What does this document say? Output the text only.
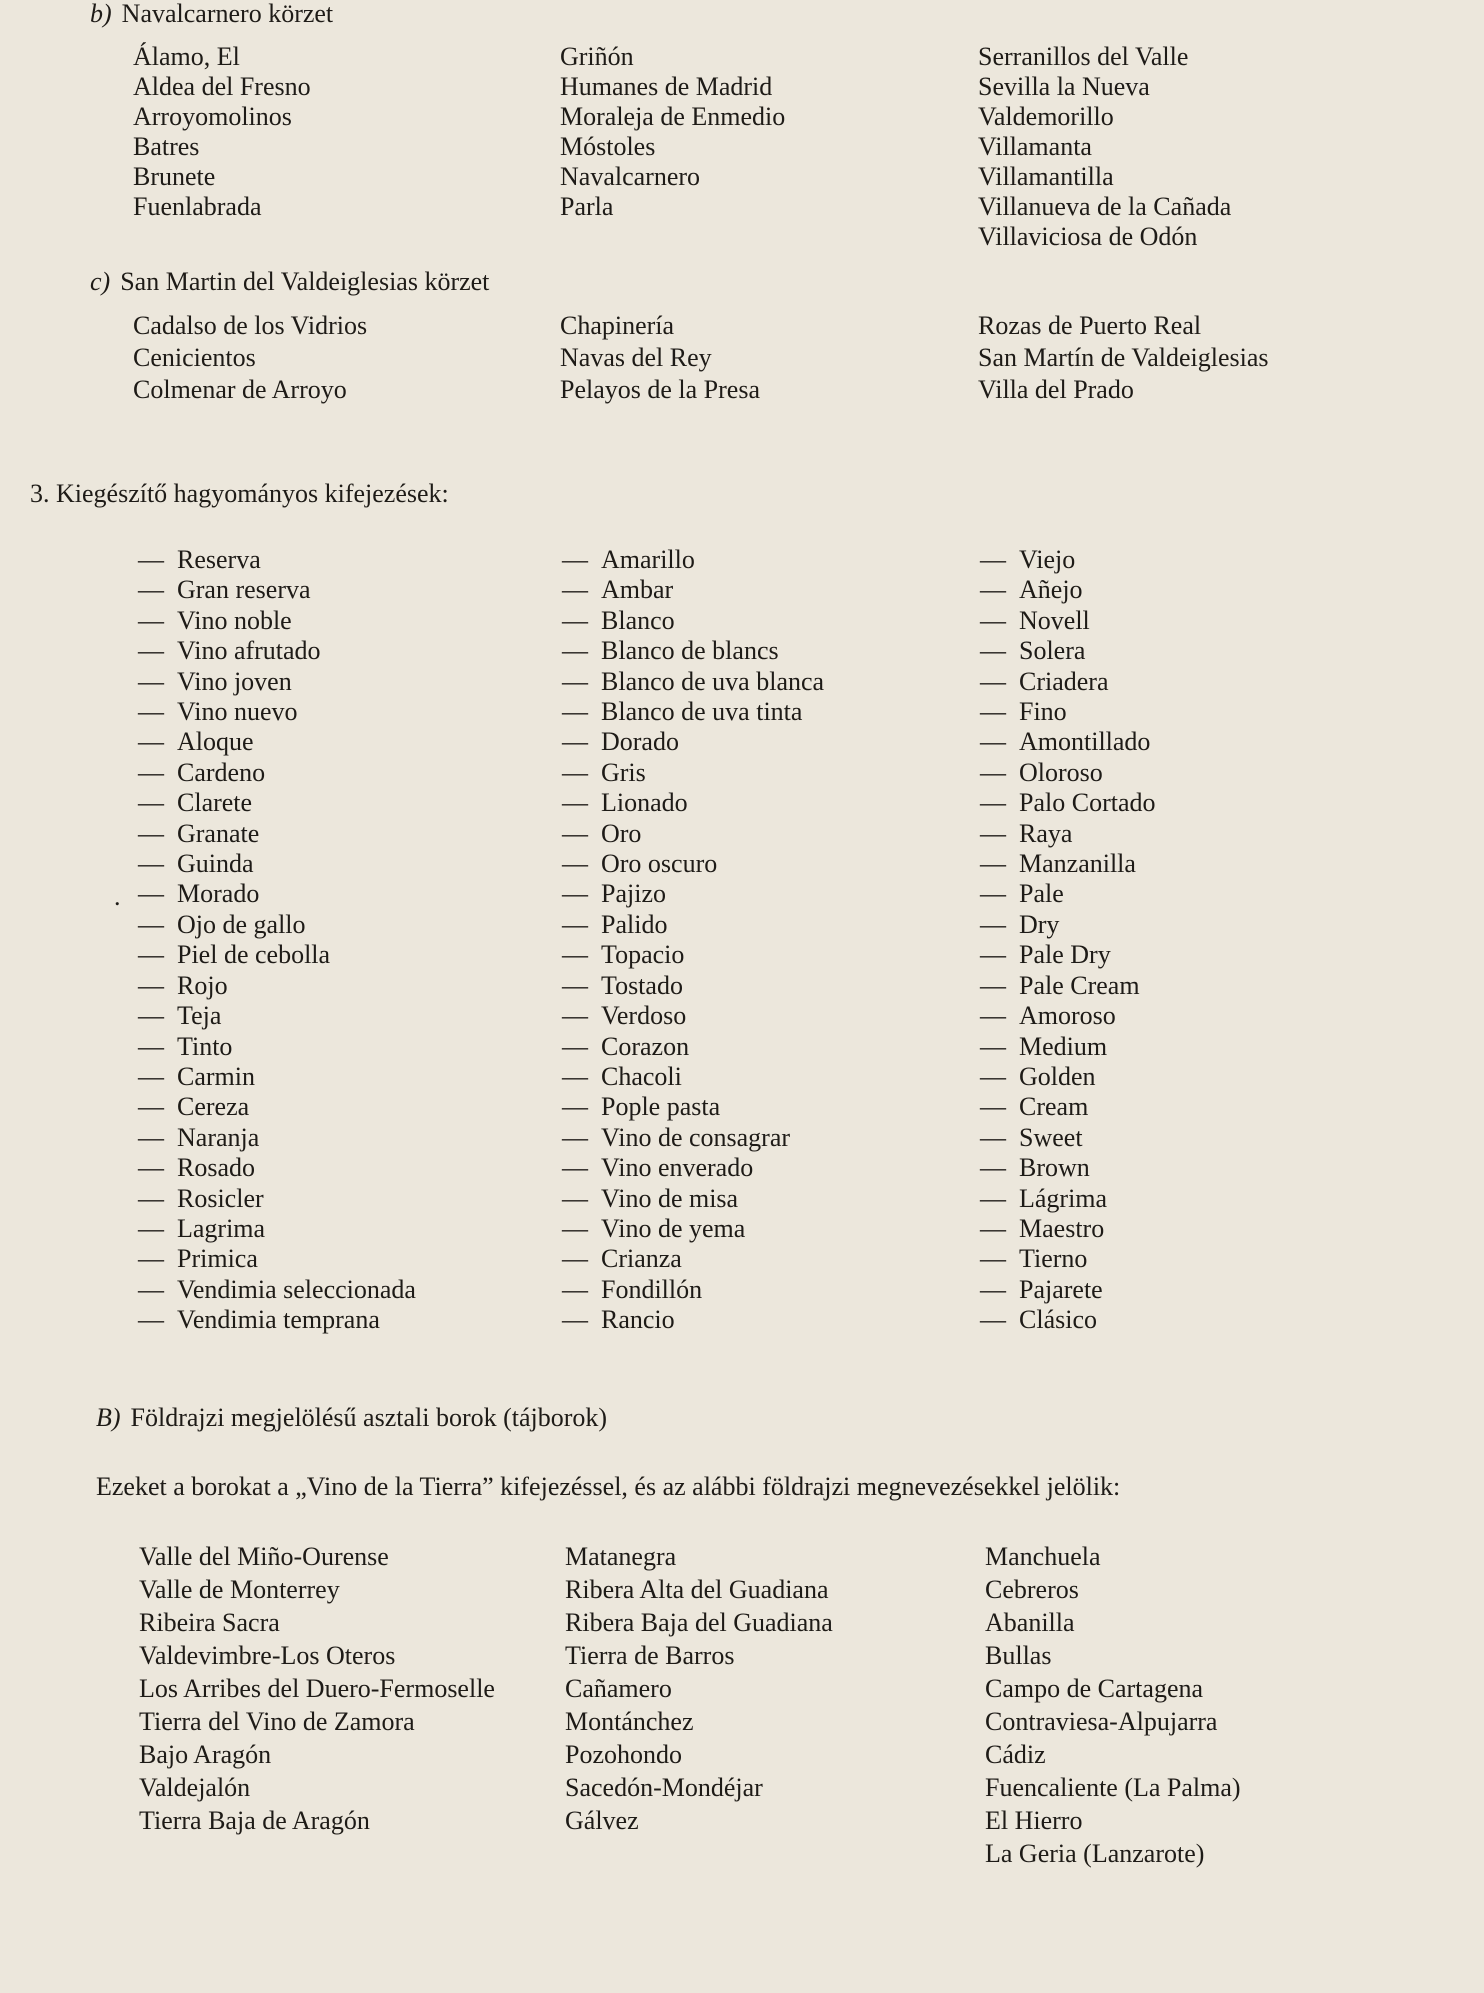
b) Navalcarnero körzet
Álamo, El
Aldea del Fresno
Arroyomolinos
Batres
Brunete
Fuenlabrada
Griñón
Humanes de Madrid
Moraleja de Enmedio
Móstoles
Navalcarnero
Parla
Serranillos del Valle
Sevilla la Nueva
Valdemorillo
Villamanta
Villamantilla
Villanueva de la Cañada
Villaviciosa de Odón
c) San Martin del Valdeiglesias körzet
Cadalso de los Vidrios
Cenicientos
Colmenar de Arroyo
Chapinería
Navas del Rey
Pelayos de la Presa
Rozas de Puerto Real
San Martín de Valdeiglesias
Villa del Prado
3. Kiegészítő hagyományos kifejezések:
—  Reserva
—  Gran reserva
—  Vino noble
—  Vino afrutado
—  Vino joven
—  Vino nuevo
—  Aloque
—  Cardeno
—  Clarete
—  Granate
—  Guinda
—  Morado
—  Ojo de gallo
—  Piel de cebolla
—  Rojo
—  Teja
—  Tinto
—  Carmin
—  Cereza
—  Naranja
—  Rosado
—  Rosicler
—  Lagrima
—  Primica
—  Vendimia seleccionada
—  Vendimia temprana
—  Amarillo
—  Ambar
—  Blanco
—  Blanco de blancs
—  Blanco de uva blanca
—  Blanco de uva tinta
—  Dorado
—  Gris
—  Lionado
—  Oro
—  Oro oscuro
—  Pajizo
—  Palido
—  Topacio
—  Tostado
—  Verdoso
—  Corazon
—  Chacoli
—  Pople pasta
—  Vino de consagrar
—  Vino enverado
—  Vino de misa
—  Vino de yema
—  Crianza
—  Fondillón
—  Rancio
—  Viejo
—  Añejo
—  Novell
—  Solera
—  Criadera
—  Fino
—  Amontillado
—  Oloroso
—  Palo Cortado
—  Raya
—  Manzanilla
—  Pale
—  Dry
—  Pale Dry
—  Pale Cream
—  Amoroso
—  Medium
—  Golden
—  Cream
—  Sweet
—  Brown
—  Lágrima
—  Maestro
—  Tierno
—  Pajarete
—  Clásico
.
B) Földrajzi megjelölésű asztali borok (tájborok)
Ezeket a borokat a „Vino de la Tierra” kifejezéssel, és az alábbi földrajzi megnevezésekkel jelölik:
Valle del Miño-Ourense
Valle de Monterrey
Ribeira Sacra
Valdevimbre-Los Oteros
Los Arribes del Duero-Fermoselle
Tierra del Vino de Zamora
Bajo Aragón
Valdejalón
Tierra Baja de Aragón
Matanegra
Ribera Alta del Guadiana
Ribera Baja del Guadiana
Tierra de Barros
Cañamero
Montánchez
Pozohondo
Sacedón-Mondéjar
Gálvez
Manchuela
Cebreros
Abanilla
Bullas
Campo de Cartagena
Contraviesa-Alpujarra
Cádiz
Fuencaliente (La Palma)
El Hierro
La Geria (Lanzarote)
